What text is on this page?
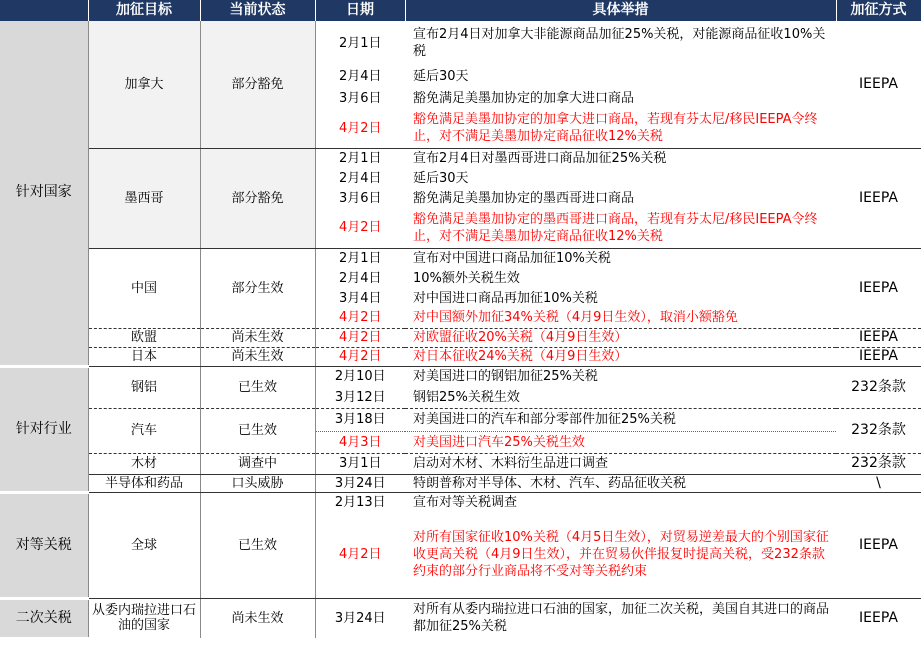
	加征目标	当前状态	日期	具体举措	加征方式
针对国家	加拿大	部分豁免	2月1日	宣布2月4日对加拿大非能源商品加征25%关税，对能源商品征收10%关税	IEEPA
			2月4日	延后30天	
			3月6日	豁免满足美墨加协定的加拿大进口商品	
			4月2日	豁免满足美墨加协定的加拿大进口商品，若现有芬太尼/移民IEEPA令终止，对不满足美墨加协定商品征收12%关税	
	墨西哥	部分豁免	2月1日	宣布2月4日对墨西哥进口商品加征25%关税	IEEPA
			2月4日	延后30天	
			3月6日	豁免满足美墨加协定的墨西哥进口商品	
			4月2日	豁免满足美墨加协定的墨西哥进口商品，若现有芬太尼/移民IEEPA令终止，对不满足美墨加协定商品征收12%关税	
	中国	部分生效	2月1日	宣布对中国进口商品加征10%关税	IEEPA
			2月4日	10%额外关税生效	
			3月4日	对中国进口商品再加征10%关税	
			4月2日	对中国额外加征34%关税（4月9日生效），取消小额豁免	
	欧盟	尚未生效	4月2日	对欧盟征收20%关税（4月9日生效）	IEEPA
	日本	尚未生效	4月2日	对日本征收24%关税（4月9日生效）	IEEPA
针对行业	钢铝	已生效	2月10日	对美国进口的钢铝加征25%关税	232条款
			3月12日	钢铝25%关税生效	
	汽车	已生效	3月18日	对美国进口的汽车和部分零部件加征25%关税	232条款
			4月3日	对美国进口汽车25%关税生效	
	木材	调查中	3月1日	启动对木材、木料衍生品进口调查	232条款
	半导体和药品	口头威胁	3月24日	特朗普称对半导体、木材、汽车、药品征收关税	\
对等关税	全球	已生效	2月13日	宣布对等关税调查	IEEPA
			4月2日	对所有国家征收10%关税（4月5日生效），对贸易逆差最大的个别国家征收更高关税（4月9日生效），并在贸易伙伴报复时提高关税，受232条款约束的部分行业商品将不受对等关税约束	
二次关税	从委内瑞拉进口石油的国家	尚未生效	3月24日	对所有从委内瑞拉进口石油的国家，加征二次关税，美国自其进口的商品都加征25%关税	IEEPA
